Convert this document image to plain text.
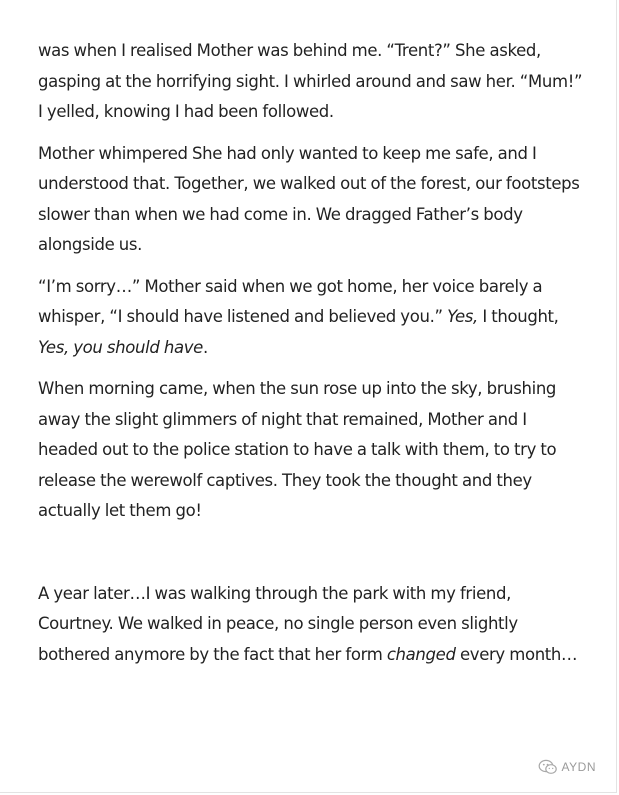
was when I realised Mother was behind me. “Trent?” She asked, gasping at the horrifying sight. I whirled around and saw her. “Mum!” I yelled, knowing I had been followed.

Mother whimpered She had only wanted to keep me safe, and I understood that. Together, we walked out of the forest, our footsteps slower than when we had come in. We dragged Father’s body alongside us.

“I’m sorry…” Mother said when we got home, her voice barely a whisper, “I should have listened and believed you.” Yes, I thought, Yes, you should have.

When morning came, when the sun rose up into the sky, brushing away the slight glimmers of night that remained, Mother and I headed out to the police station to have a talk with them, to try to release the werewolf captives. They took the thought and they actually let them go!

A year later…I was walking through the park with my friend, Courtney. We walked in peace, no single person even slightly bothered anymore by the fact that her form changed every month…

AYDN
